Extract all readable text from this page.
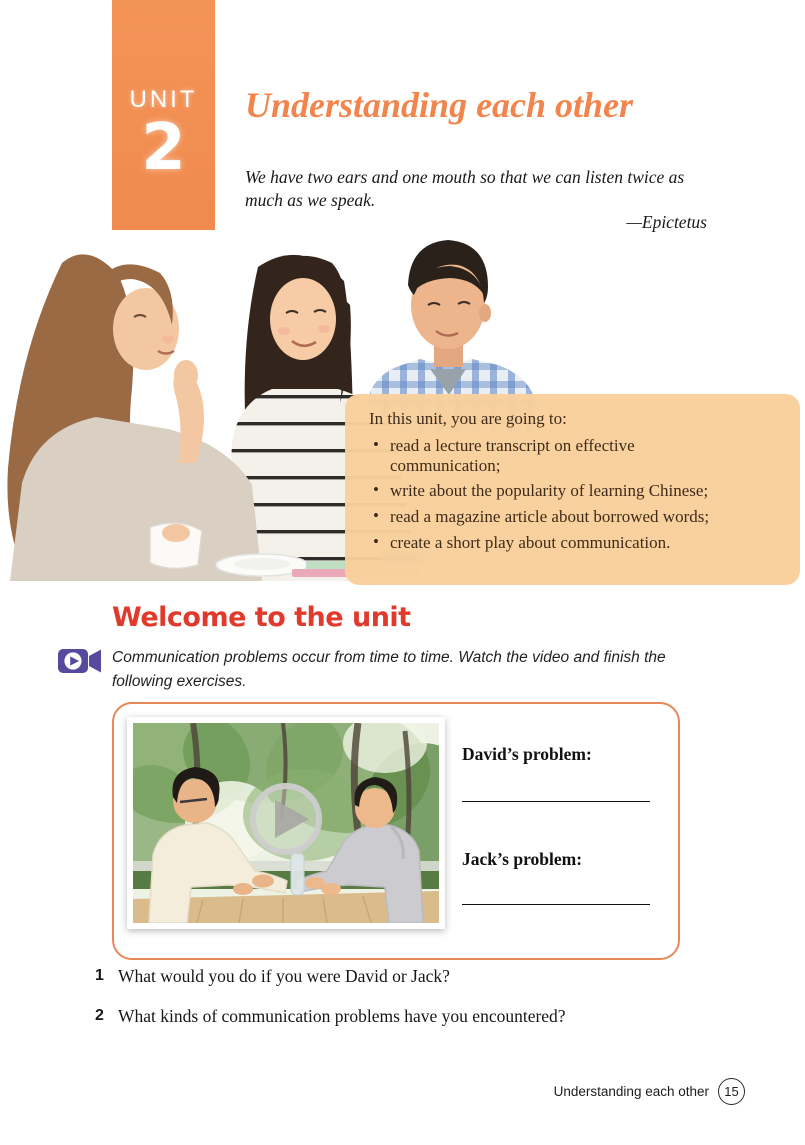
UNIT
2
Understanding each other
We have two ears and one mouth so that we can listen twice as much as we speak.
—Epictetus
In this unit, you are going to:
• read a lecture transcript on effective communication;
• write about the popularity of learning Chinese;
• read a magazine article about borrowed words;
• create a short play about communication.
Welcome to the unit
Communication problems occur from time to time. Watch the video and finish the following exercises.
David’s problem:
Jack’s problem:
1 What would you do if you were David or Jack?
2 What kinds of communication problems have you encountered?
Understanding each other	15
